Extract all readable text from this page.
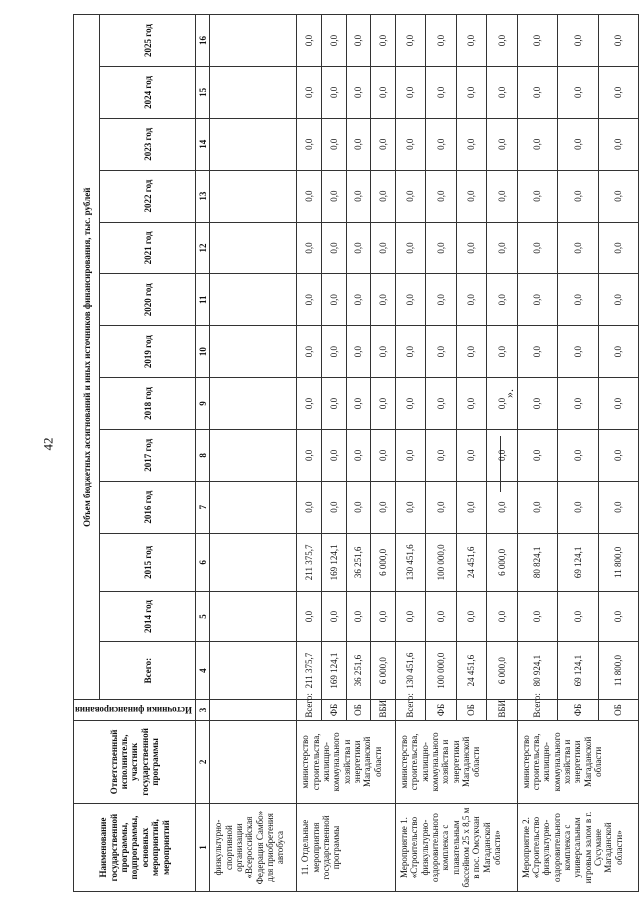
42
».
Наименование государственной программы, подпрограммы, основных мероприятий, мероприятий	Ответственный исполнитель, участник государственной программы	Источники финансирования	Объем бюджетных ассигнований и иных источников финансирования, тыс. рублей												
			Всего:	2014 год	2015 год	2016 год	2017 год	2018 год	2019 год	2020 год	2021 год	2022 год	2023 год	2024 год	2025 год
1	2	3	4	5	6	7	8	9	10	11	12	13	14	15	16
физкультурно-спортивной организации «Всероссийская Федерация Самбо» для приобретения автобуса															
11. Отдельные мероприятия государственной программы	министерство строительства, жилищно-коммунального хозяйства и энергетики Магаданской области	Всего:	211 375,7	0,0	211 375,7	0,0	0,0	0,0	0,0	0,0	0,0	0,0	0,0	0,0	0,0
		ФБ	169 124,1	0,0	169 124,1	0,0	0,0	0,0	0,0	0,0	0,0	0,0	0,0	0,0	0,0
		ОБ	36 251,6	0,0	36 251,6	0,0	0,0	0,0	0,0	0,0	0,0	0,0	0,0	0,0	0,0
		ВБИ	6 000,0	0,0	6 000,0	0,0	0,0	0,0	0,0	0,0	0,0	0,0	0,0	0,0	0,0
Мероприятие 1. «Строительство физкультурно-оздоровительного комплекса с плавательным бассейном 25 х 8,5 м в пос. Омсукчан Магаданской области»	министерство строительства, жилищно-коммунального хозяйства и энергетики Магаданской области	Всего:	130 451,6	0,0	130 451,6	0,0	0,0	0,0	0,0	0,0	0,0	0,0	0,0	0,0	0,0
		ФБ	100 000,0	0,0	100 000,0	0,0	0,0	0,0	0,0	0,0	0,0	0,0	0,0	0,0	0,0
		ОБ	24 451,6	0,0	24 451,6	0,0	0,0	0,0	0,0	0,0	0,0	0,0	0,0	0,0	0,0
		ВБИ	6 000,0	0,0	6 000,0	0,0	0,0	0,0	0,0	0,0	0,0	0,0	0,0	0,0	0,0
Мероприятие 2. «Строительство физкультурно-оздоровительного комплекса с универсальным игровым залом в г. Сусумане Магаданской области»	министерство строительства, жилищно-коммунального хозяйства и энергетики Магаданской области	Всего:	80 924,1	0,0	80 824,1	0,0	0,0	0,0	0,0	0,0	0,0	0,0	0,0	0,0	0,0
		ФБ	69 124,1	0,0	69 124,1	0,0	0,0	0,0	0,0	0,0	0,0	0,0	0,0	0,0	0,0
		ОБ	11 800,0	0,0	11 800,0	0,0	0,0	0,0	0,0	0,0	0,0	0,0	0,0	0,0	0,0
